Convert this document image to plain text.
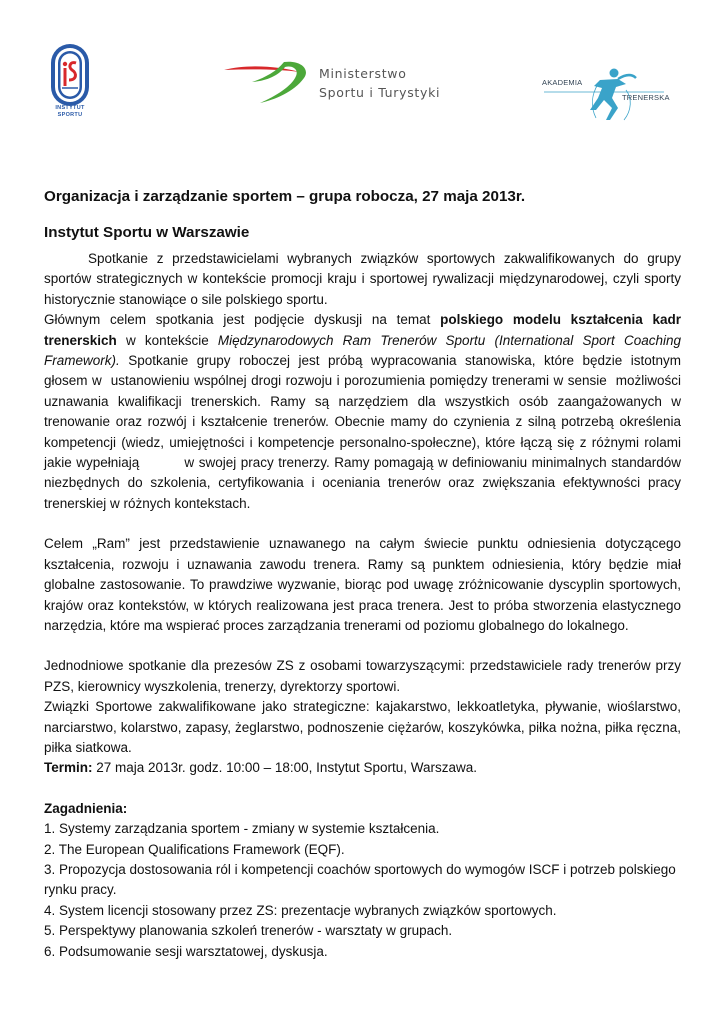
INSTYTUT SPORTU
Ministerstwo
Sportu i Turystyki
AKADEMIA
TRENERSKA
Organizacja i zarządzanie sportem – grupa robocza, 27 maja 2013r.
Instytut Sportu w Warszawie

Spotkanie z przedstawicielami wybranych związków sportowych zakwalifikowanych do grupy sportów strategicznych w kontekście promocji kraju i sportowej rywalizacji międzynarodowej, czyli sporty historycznie stanowiące o sile polskiego sportu.

Głównym celem spotkania jest podjęcie dyskusji na temat polskiego modelu kształcenia kadr trenerskich w kontekście Międzynarodowych Ram Trenerów Sportu (International Sport Coaching Framework). Spotkanie grupy roboczej jest próbą wypracowania stanowiska, które będzie istotnym głosem w  ustanowieniu wspólnej drogi rozwoju i porozumienia pomiędzy trenerami w sensie  możliwości uznawania kwalifikacji trenerskich. Ramy są narzędziem dla wszystkich osób zaangażowanych w trenowanie oraz rozwój i kształcenie trenerów. Obecnie mamy do czynienia z silną potrzebą określenia kompetencji (wiedz, umiejętności i kompetencje personalno-społeczne), które łączą się z różnymi rolami jakie wypełniają          w swojej pracy trenerzy. Ramy pomagają w definiowaniu minimalnych standardów niezbędnych do szkolenia, certyfikowania i oceniania trenerów oraz zwiększania efektywności pracy trenerskiej w różnych kontekstach.

Celem „Ram” jest przedstawienie uznawanego na całym świecie punktu odniesienia dotyczącego kształcenia, rozwoju i uznawania zawodu trenera. Ramy są punktem odniesienia, który będzie miał globalne zastosowanie. To prawdziwe wyzwanie, biorąc pod uwagę zróżnicowanie dyscyplin sportowych, krajów oraz kontekstów, w których realizowana jest praca trenera. Jest to próba stworzenia elastycznego narzędzia, które ma wspierać proces zarządzania trenerami od poziomu globalnego do lokalnego.

Jednodniowe spotkanie dla prezesów ZS z osobami towarzyszącymi: przedstawiciele rady trenerów przy PZS, kierownicy wyszkolenia, trenerzy, dyrektorzy sportowi.

Związki Sportowe zakwalifikowane jako strategiczne: kajakarstwo, lekkoatletyka, pływanie, wioślarstwo, narciarstwo, kolarstwo, zapasy, żeglarstwo, podnoszenie ciężarów, koszykówka, piłka nożna, piłka ręczna, piłka siatkowa.

Termin: 27 maja 2013r. godz. 10:00 – 18:00, Instytut Sportu, Warszawa.

Zagadnienia:

1. Systemy zarządzania sportem - zmiany w systemie kształcenia.

2. The European Qualifications Framework (EQF).

3. Propozycja dostosowania ról i kompetencji coachów sportowych do wymogów ISCF i potrzeb polskiego rynku pracy.

4. System licencji stosowany przez ZS: prezentacje wybranych związków sportowych.

5. Perspektywy planowania szkoleń trenerów - warsztaty w grupach.

6. Podsumowanie sesji warsztatowej, dyskusja.
